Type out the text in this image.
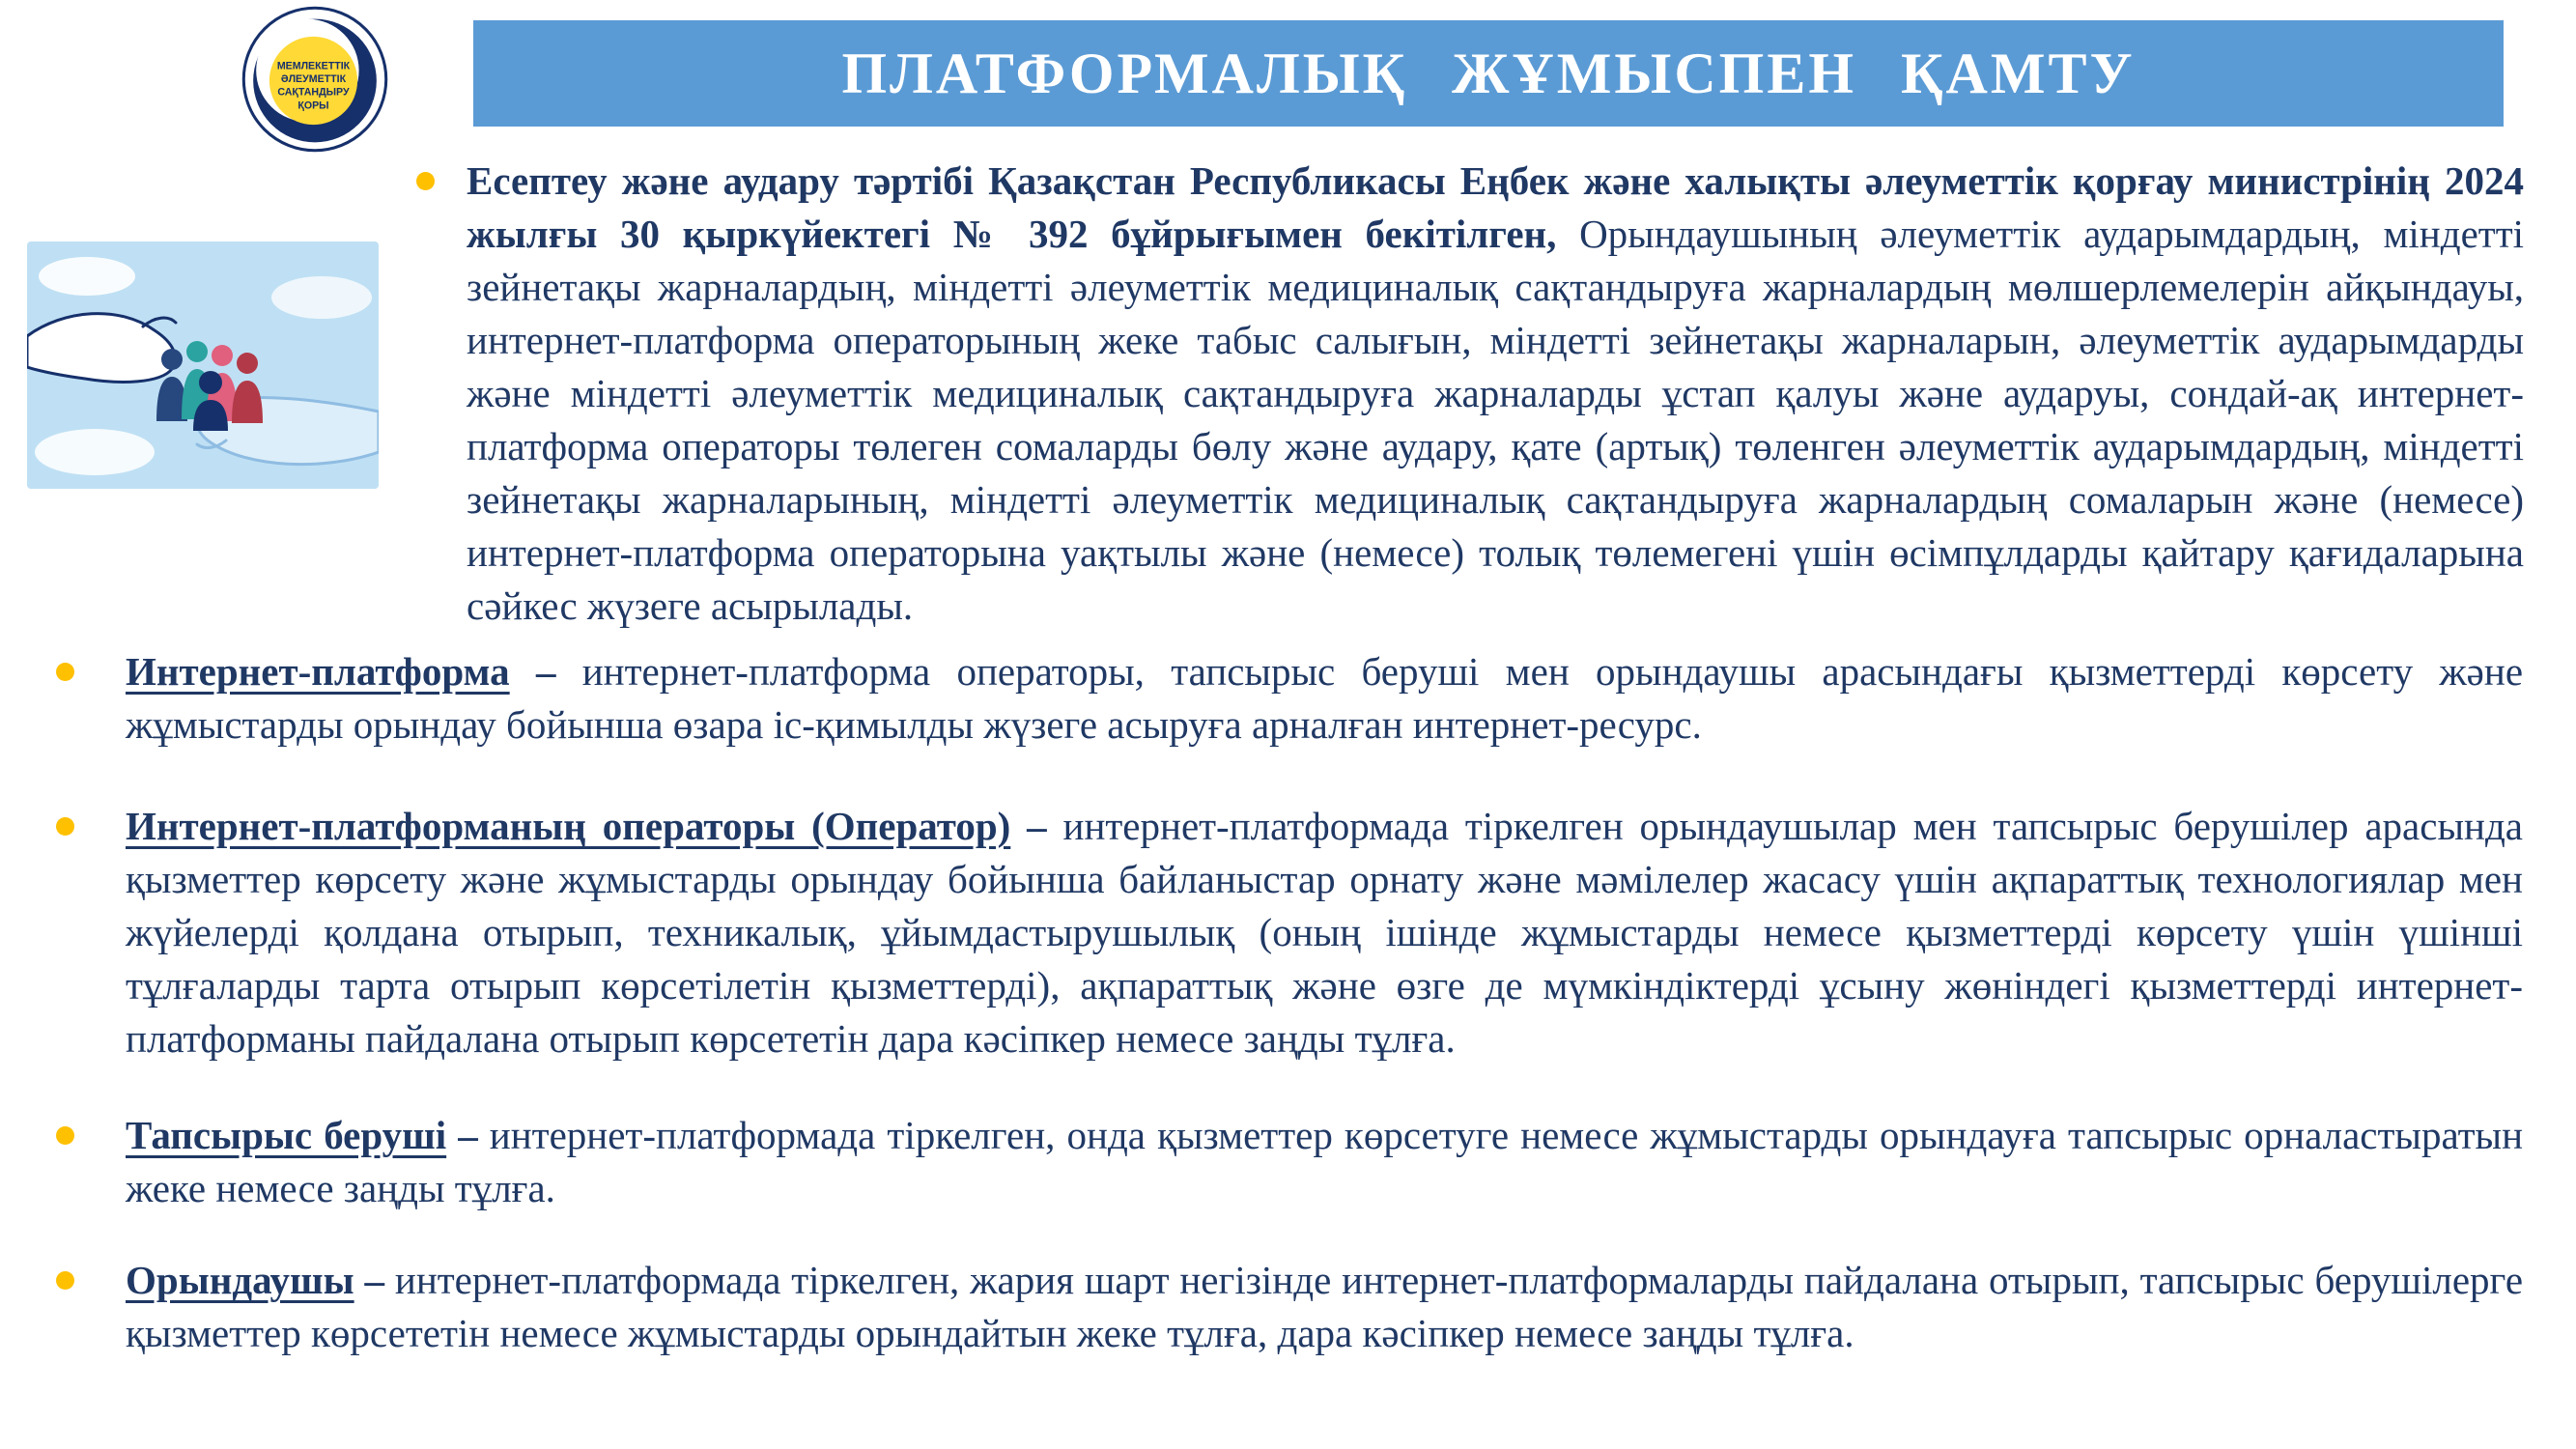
МЕМЛЕКЕТТІК
ӘЛЕУМЕТТІК
САҚТАНДЫРУ
ҚОРЫ
ПЛАТФОРМАЛЫҚ ЖҰМЫСПЕН ҚАМТУ

Есептеу және аудару тәртібі Қазақстан Республикасы Еңбек және халықты әлеуметтік қорғау министрінің 2024 жылғы 30 қыркүйектегі № 392 бұйрығымен бекітілген, Орындаушының әлеуметтік аударымдардың, міндетті зейнетақы жарналардың, міндетті әлеуметтік медициналық сақтандыруға жарналардың мөлшерлемелерін айқындауы, интернет-платформа операторының жеке табыс салығын, міндетті зейнетақы жарналарын, әлеуметтік аударымдарды және міндетті әлеуметтік медициналық сақтандыруға жарналарды ұстап қалуы және аударуы, сондай-ақ интернет-платформа операторы төлеген сомаларды бөлу және аудару, қате (артық) төленген әлеуметтік аударымдардың, міндетті зейнетақы жарналарының, міндетті әлеуметтік медициналық сақтандыруға жарналардың сомаларын және (немесе) интернет-платформа операторына уақтылы және (немесе) толық төлемегені үшін өсімпұлдарды қайтару қағидаларына сәйкес жүзеге асырылады.

Интернет-платформа – интернет-платформа операторы, тапсырыс беруші мен орындаушы арасындағы қызметтерді көрсету және жұмыстарды орындау бойынша өзара іс-қимылды жүзеге асыруға арналған интернет-ресурс.

Интернет-платформаның операторы (Оператор) – интернет-платформада тіркелген орындаушылар мен тапсырыс берушілер арасында қызметтер көрсету және жұмыстарды орындау бойынша байланыстар орнату және мәмілелер жасасу үшін ақпараттық технологиялар мен жүйелерді қолдана отырып, техникалық, ұйымдастырушылық (оның ішінде жұмыстарды немесе қызметтерді көрсету үшін үшінші тұлғаларды тарта отырып көрсетілетін қызметтерді), ақпараттық және өзге де мүмкіндіктерді ұсыну жөніндегі қызметтерді интернет-платформаны пайдалана отырып көрсететін дара кәсіпкер немесе заңды тұлға.

Тапсырыс беруші – интернет-платформада тіркелген, онда қызметтер көрсетуге немесе жұмыстарды орындауға тапсырыс орналастыратын жеке немесе заңды тұлға.

Орындаушы – интернет-платформада тіркелген, жария шарт негізінде интернет-платформаларды пайдалана отырып, тапсырыс берушілерге қызметтер көрсететін немесе жұмыстарды орындайтын жеке тұлға, дара кәсіпкер немесе заңды тұлға.
